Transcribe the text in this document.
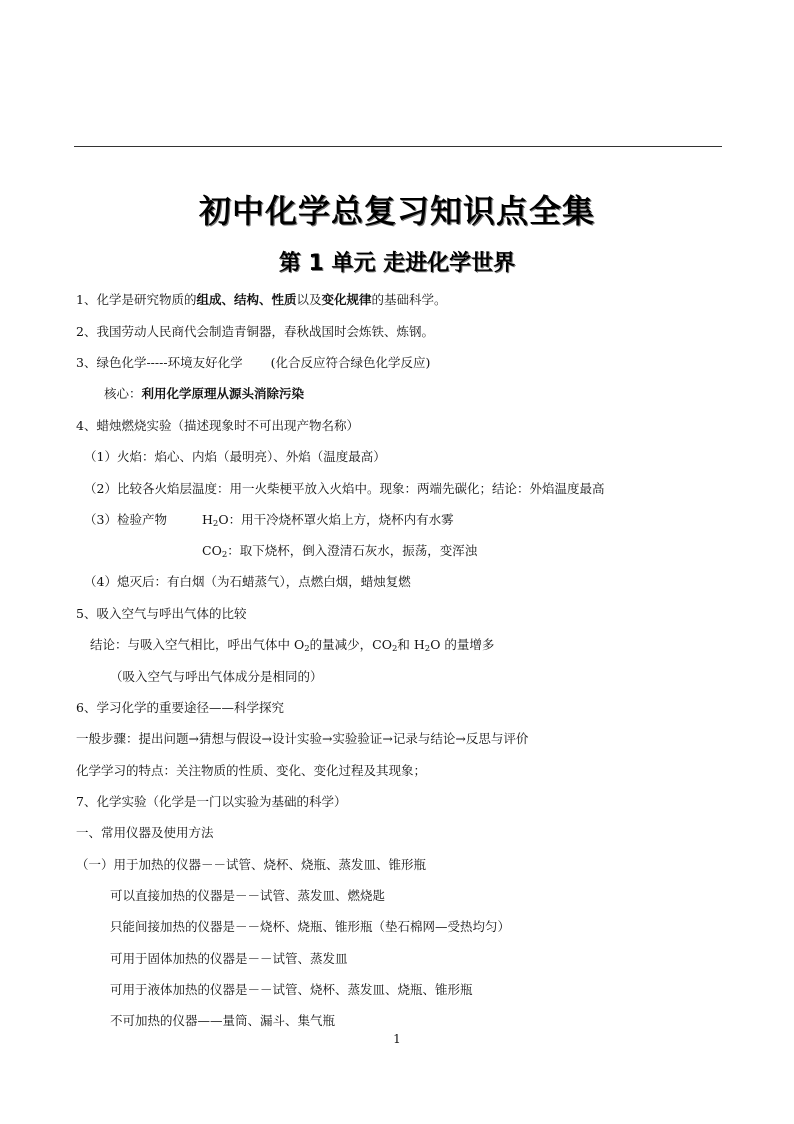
初中化学总复习知识点全集
第 1 单元 走进化学世界
1、化学是研究物质的组成、结构、性质以及变化规律的基础科学。
2、我国劳动人民商代会制造青铜器，春秋战国时会炼铁、炼钢。
3、绿色化学-----环境友好化学 (化合反应符合绿色化学反应)
核心：利用化学原理从源头消除污染
4、蜡烛燃烧实验（描述现象时不可出现产物名称）
（1）火焰：焰心、内焰（最明亮）、外焰（温度最高）
（2）比较各火焰层温度：用一火柴梗平放入火焰中。现象：两端先碳化；结论：外焰温度最高
（3）检验产物	$H_2O$：用干冷烧杯罩火焰上方，烧杯内有水雾
$CO_2$：取下烧杯，倒入澄清石灰水，振荡，变浑浊
（4）熄灭后：有白烟（为石蜡蒸气），点燃白烟，蜡烛复燃
5、吸入空气与呼出气体的比较
结论：与吸入空气相比，呼出气体中 $O_2$的量减少，$CO_2$和 $H_2O$ 的量增多
（吸入空气与呼出气体成分是相同的）
6、学习化学的重要途径——科学探究
一般步骤：提出问题→猜想与假设→设计实验→实验验证→记录与结论→反思与评价
化学学习的特点：关注物质的性质、变化、变化过程及其现象；
7、化学实验（化学是一门以实验为基础的科学）
一、常用仪器及使用方法
（一）用于加热的仪器－－试管、烧杯、烧瓶、蒸发皿、锥形瓶
可以直接加热的仪器是－－试管、蒸发皿、燃烧匙
只能间接加热的仪器是－－烧杯、烧瓶、锥形瓶（垫石棉网—受热均匀）
可用于固体加热的仪器是－－试管、蒸发皿
可用于液体加热的仪器是－－试管、烧杯、蒸发皿、烧瓶、锥形瓶
不可加热的仪器——量筒、漏斗、集气瓶
1
